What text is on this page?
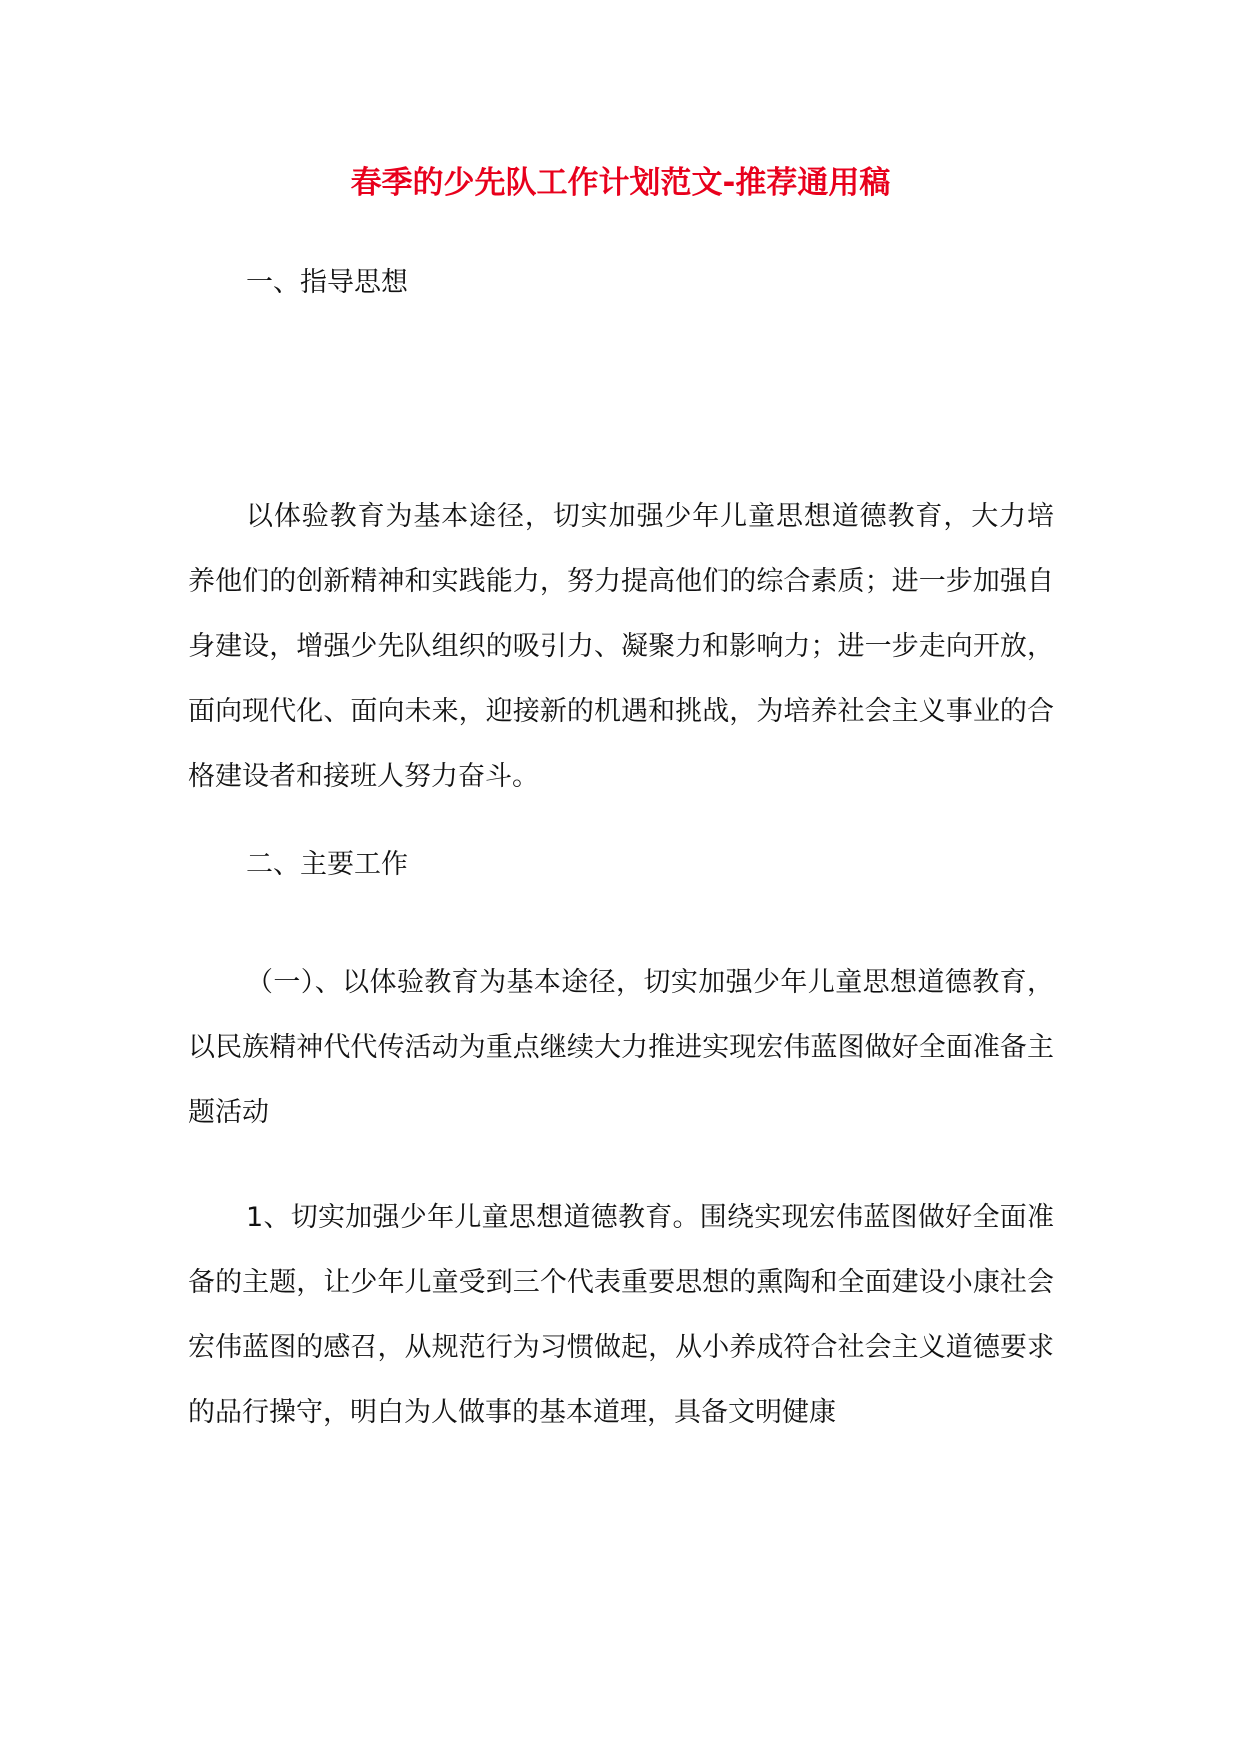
春季的少先队工作计划范文-推荐通用稿
一、指导思想

以体验教育为基本途径，切实加强少年儿童思想道德教育，大力培养他们的创新精神和实践能力，努力提高他们的综合素质；进一步加强自身建设，增强少先队组织的吸引力、凝聚力和影响力；进一步走向开放，面向现代化、面向未来，迎接新的机遇和挑战，为培养社会主义事业的合格建设者和接班人努力奋斗。

二、主要工作

（一）、以体验教育为基本途径，切实加强少年儿童思想道德教育，以民族精神代代传活动为重点继续大力推进实现宏伟蓝图做好全面准备主题活动

1、切实加强少年儿童思想道德教育。围绕实现宏伟蓝图做好全面准备的主题，让少年儿童受到三个代表重要思想的熏陶和全面建设小康社会宏伟蓝图的感召，从规范行为习惯做起，从小养成符合社会主义道德要求的品行操守，明白为人做事的基本道理，具备文明健康
